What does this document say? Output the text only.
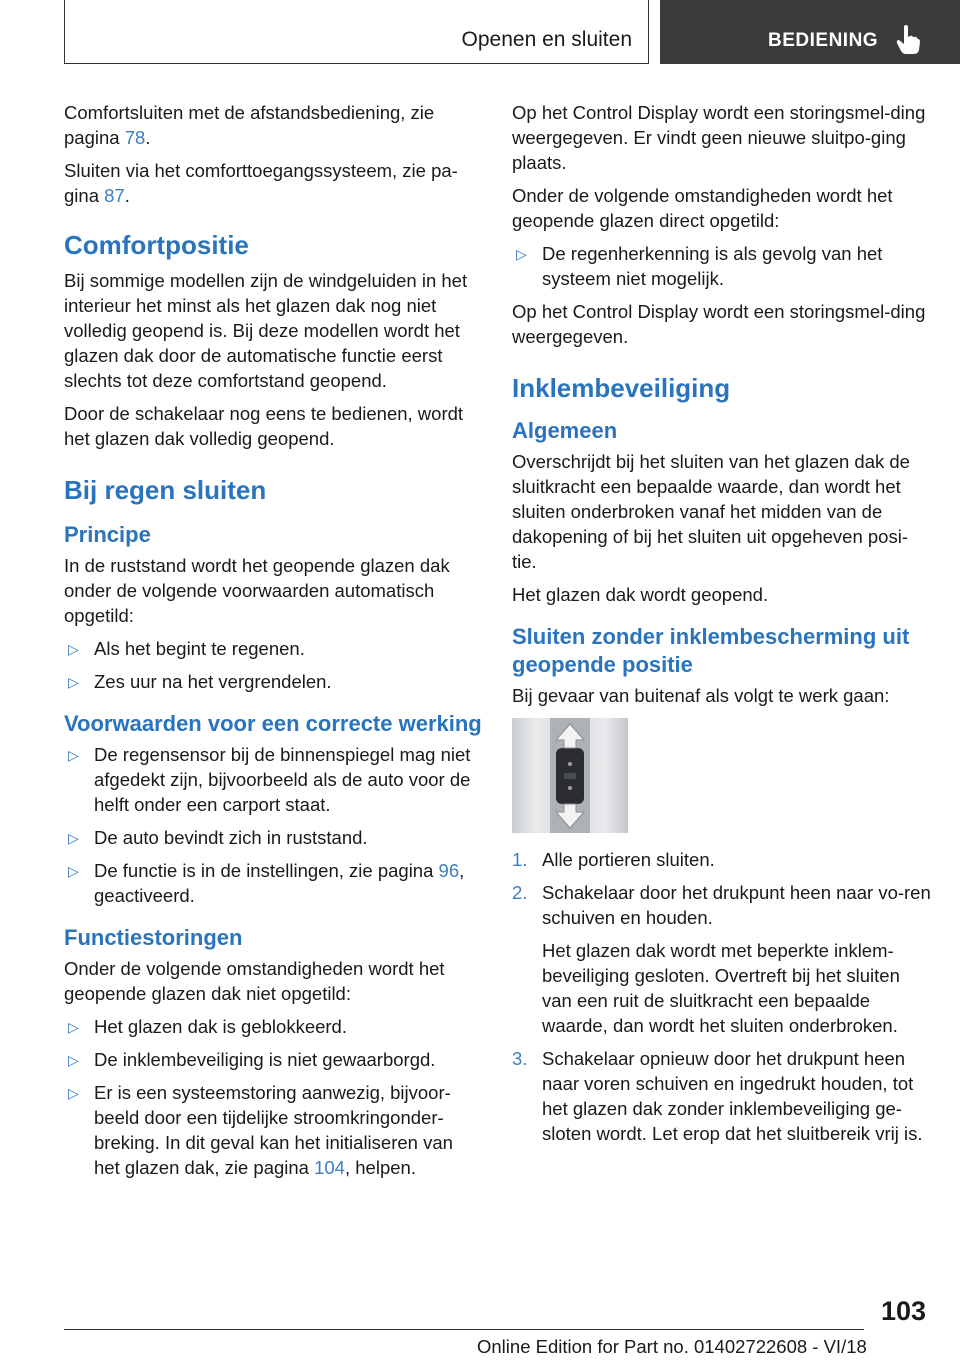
Openen en sluiten	BEDIENING

Comfortsluiten met de afstandsbediening, zie pagina 78.

Sluiten via het comforttoegangssysteem, zie pa-gina 87.

Comfortpositie

Bij sommige modellen zijn de windgeluiden in het interieur het minst als het glazen dak nog niet volledig geopend is. Bij deze modellen wordt het glazen dak door de automatische functie eerst slechts tot deze comfortstand geopend.

Door de schakelaar nog eens te bedienen, wordt het glazen dak volledig geopend.

Bij regen sluiten
Principe

In de ruststand wordt het geopende glazen dak onder de volgende voorwaarden automatisch opgetild:

▷ Als het begint te regenen.
▷ Zes uur na het vergrendelen.
Voorwaarden voor een correcte werking
▷ De regensensor bij de binnenspiegel mag niet afgedekt zijn, bijvoorbeeld als de auto voor de helft onder een carport staat.
▷ De auto bevindt zich in ruststand.
▷ De functie is in de instellingen, zie pagina 96, geactiveerd.
Functiestoringen

Onder de volgende omstandigheden wordt het geopende glazen dak niet opgetild:

▷ Het glazen dak is geblokkeerd.
▷ De inklembeveiliging is niet gewaarborgd.
▷ Er is een systeemstoring aanwezig, bijvoor-beeld door een tijdelijke stroomkringonder-breking. In dit geval kan het initialiseren van het glazen dak, zie pagina 104, helpen.

Op het Control Display wordt een storingsmel-ding weergegeven. Er vindt geen nieuwe sluitpo-ging plaats.

Onder de volgende omstandigheden wordt het geopende glazen direct opgetild:

▷ De regenherkenning is als gevolg van het systeem niet mogelijk.

Op het Control Display wordt een storingsmel-ding weergegeven.

Inklembeveiliging
Algemeen

Overschrijdt bij het sluiten van het glazen dak de sluitkracht een bepaalde waarde, dan wordt het sluiten onderbroken vanaf het midden van de dakopening of bij het sluiten uit opgeheven posi-tie.

Het glazen dak wordt geopend.

Sluiten zonder inklembescherming uit geopende positie

Bij gevaar van buitenaf als volgt te werk gaan:

1. Alle portieren sluiten.
2. Schakelaar door het drukpunt heen naar vo-ren schuiven en houden.
Het glazen dak wordt met beperkte inklem-beveiliging gesloten. Overtreft bij het sluiten van een ruit de sluitkracht een bepaalde waarde, dan wordt het sluiten onderbroken.
3. Schakelaar opnieuw door het drukpunt heen naar voren schuiven en ingedrukt houden, tot het glazen dak zonder inklembeveiliging ge-sloten wordt. Let erop dat het sluitbereik vrij is.
103
Online Edition for Part no. 01402722608 - VI/18
